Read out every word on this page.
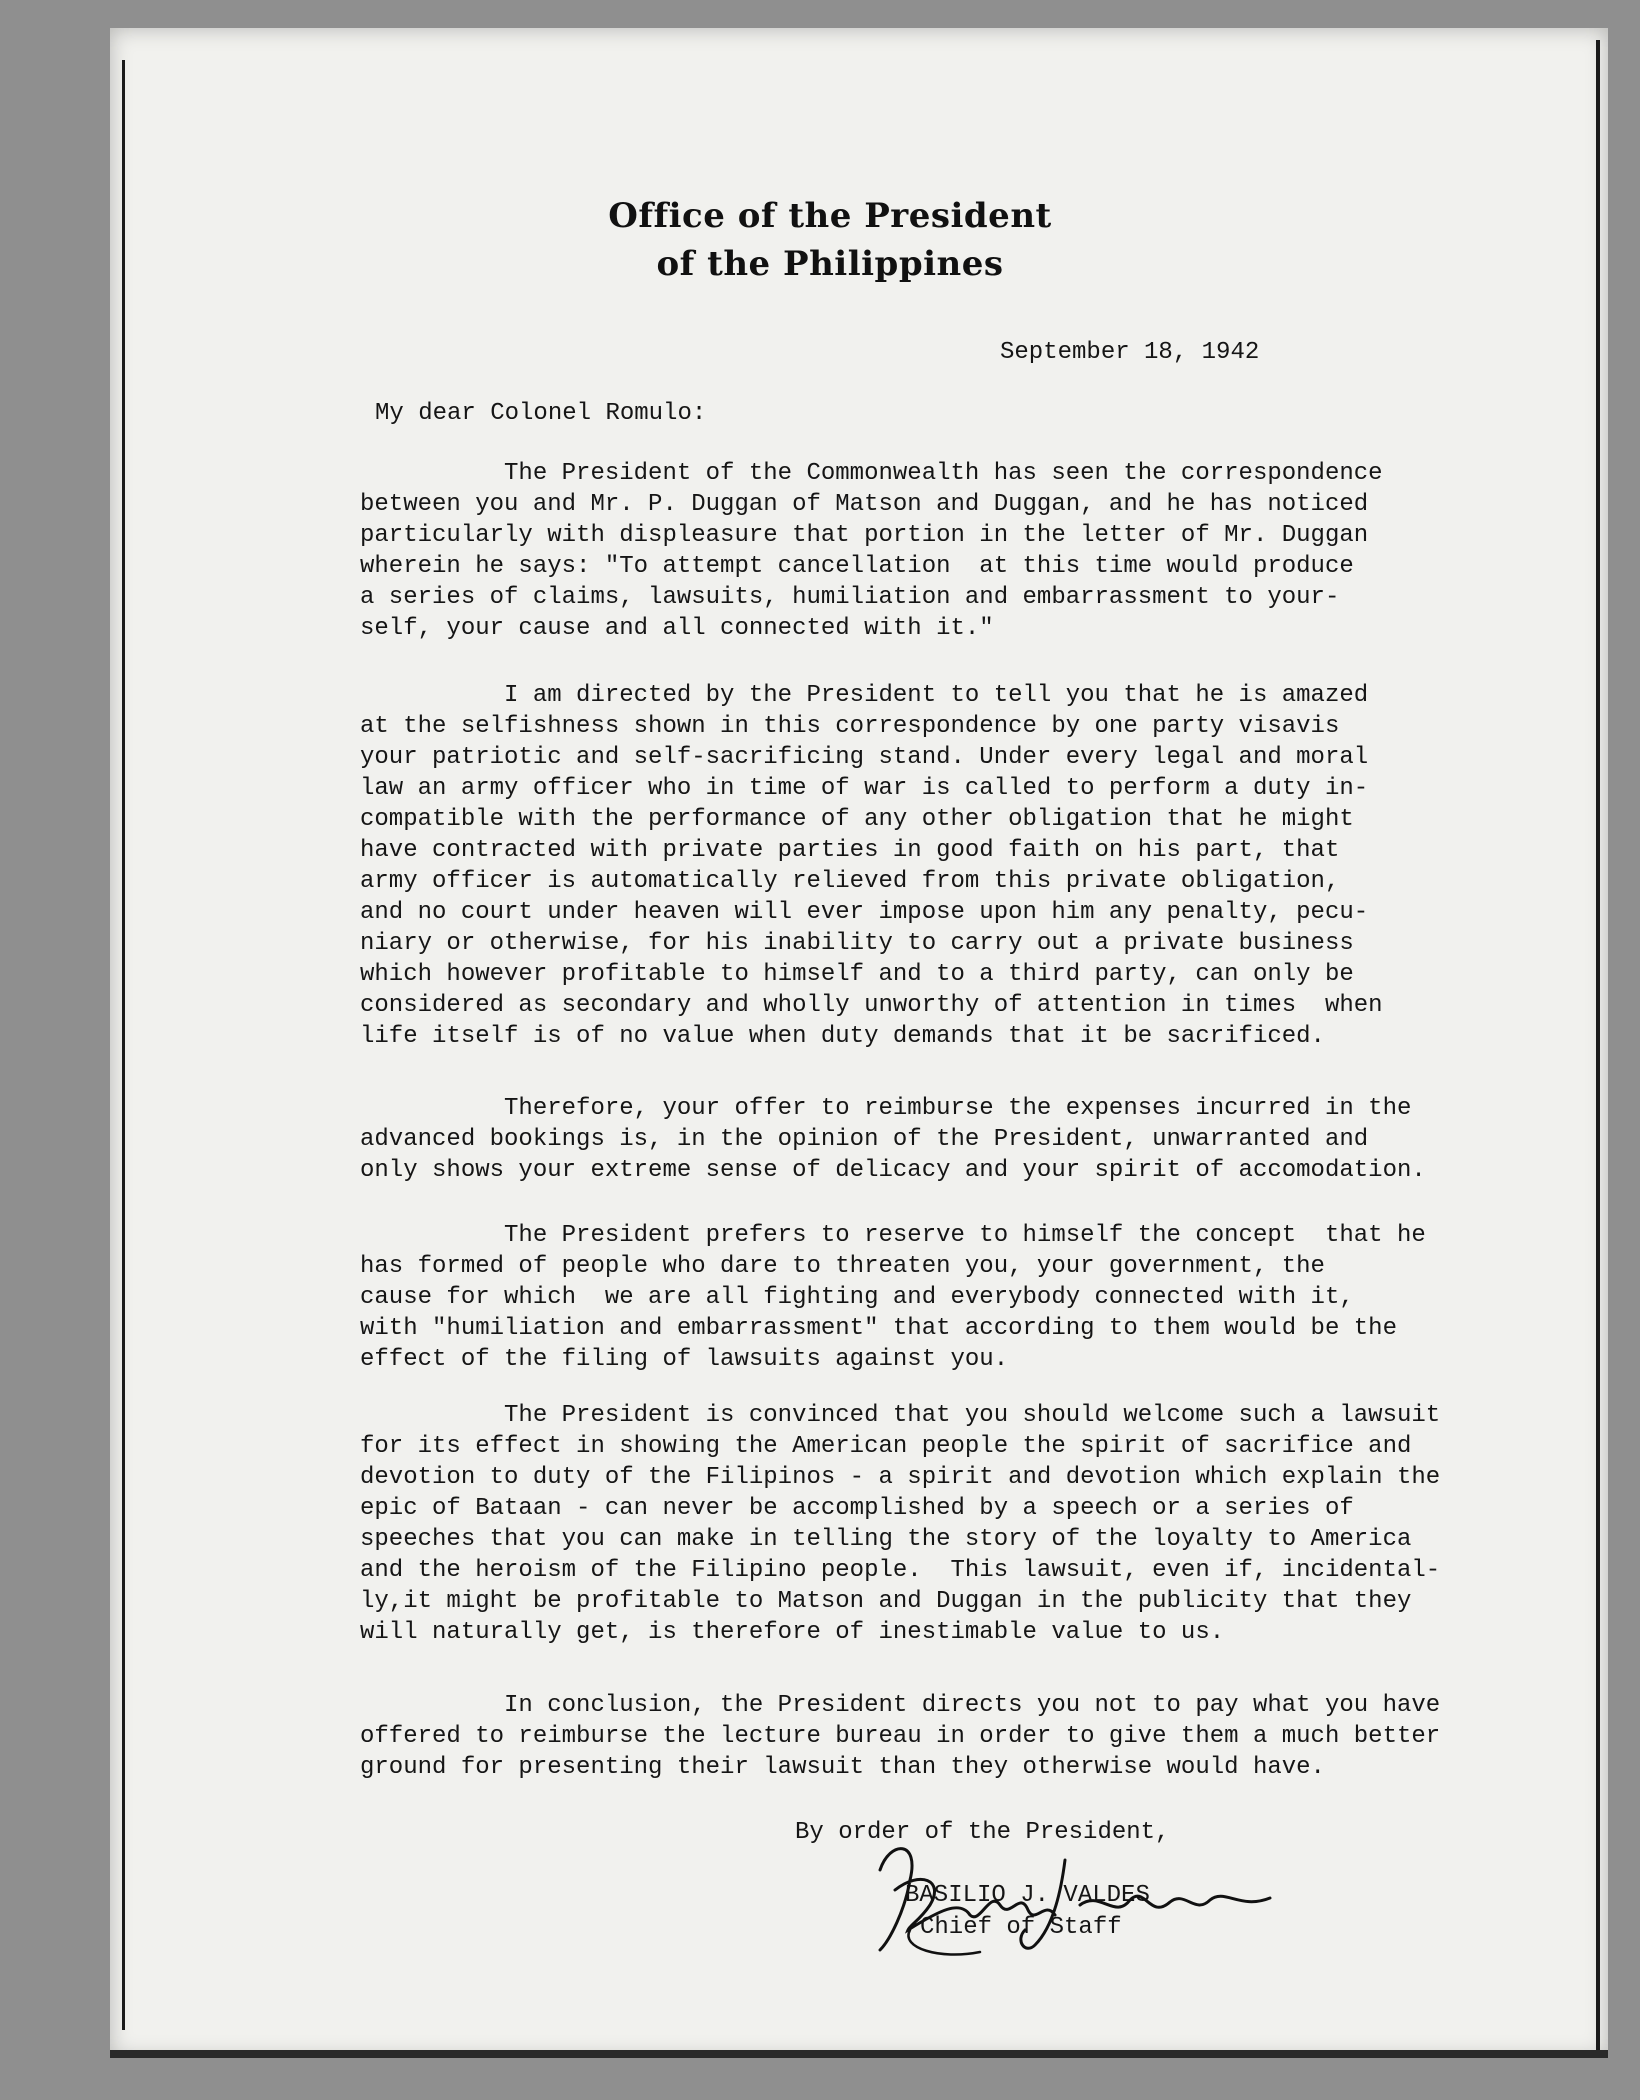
Office of the President
of the Philippines
September 18, 1942
My dear Colonel Romulo:

The President of the Commonwealth has seen the correspondence
between you and Mr. P. Duggan of Matson and Duggan, and he has noticed
particularly with displeasure that portion in the letter of Mr. Duggan
wherein he says: "To attempt cancellation  at this time would produce
a series of claims, lawsuits, humiliation and embarrassment to your-
self, your cause and all connected with it."

I am directed by the President to tell you that he is amazed
at the selfishness shown in this correspondence by one party visavis
your patriotic and self-sacrificing stand. Under every legal and moral
law an army officer who in time of war is called to perform a duty in-
compatible with the performance of any other obligation that he might
have contracted with private parties in good faith on his part, that
army officer is automatically relieved from this private obligation,
and no court under heaven will ever impose upon him any penalty, pecu-
niary or otherwise, for his inability to carry out a private business
which however profitable to himself and to a third party, can only be
considered as secondary and wholly unworthy of attention in times  when
life itself is of no value when duty demands that it be sacrificed.

Therefore, your offer to reimburse the expenses incurred in the
advanced bookings is, in the opinion of the President, unwarranted and
only shows your extreme sense of delicacy and your spirit of accomodation.

The President prefers to reserve to himself the concept  that he
has formed of people who dare to threaten you, your government, the
cause for which  we are all fighting and everybody connected with it,
with "humiliation and embarrassment" that according to them would be the
effect of the filing of lawsuits against you.

The President is convinced that you should welcome such a lawsuit
for its effect in showing the American people the spirit of sacrifice and
devotion to duty of the Filipinos - a spirit and devotion which explain the
epic of Bataan - can never be accomplished by a speech or a series of
speeches that you can make in telling the story of the loyalty to America
and the heroism of the Filipino people.  This lawsuit, even if, incidental-
ly,it might be profitable to Matson and Duggan in the publicity that they
will naturally get, is therefore of inestimable value to us.

In conclusion, the President directs you not to pay what you have
offered to reimburse the lecture bureau in order to give them a much better
ground for presenting their lawsuit than they otherwise would have.

By order of the President,
BASILIO J. VALDES
Chief of Staff
